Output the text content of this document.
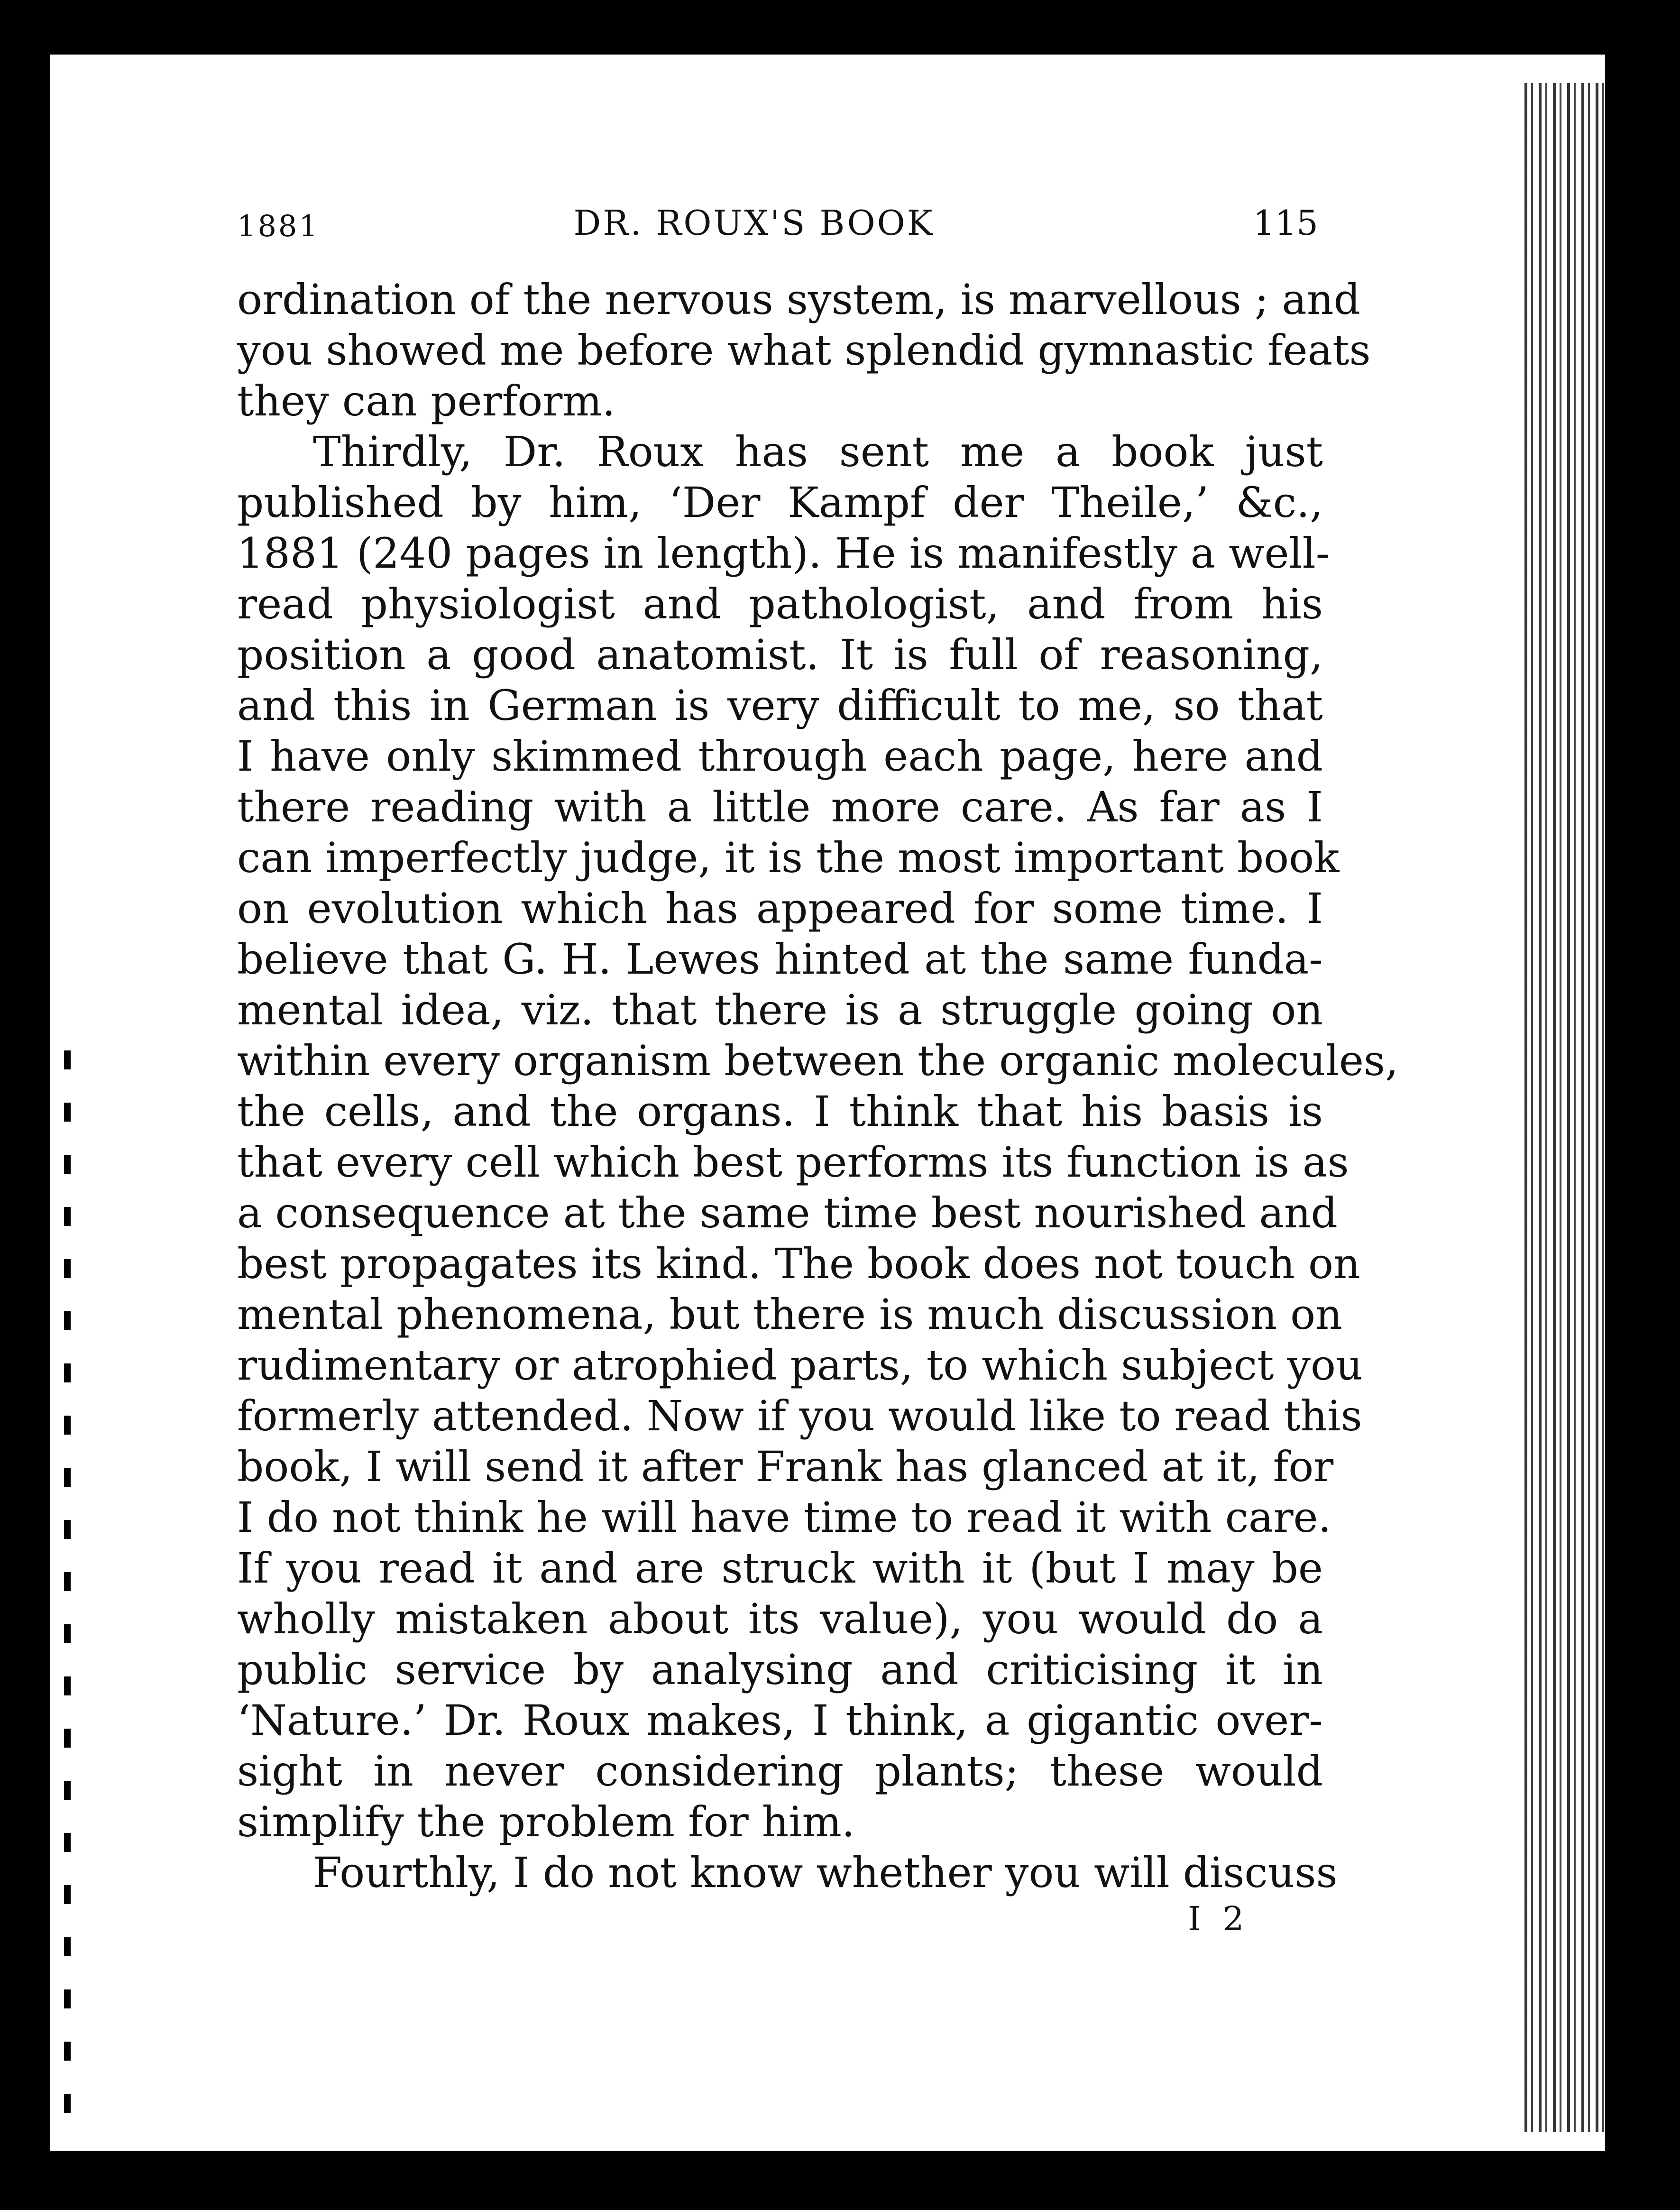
1881	DR. ROUX'S BOOK	115
ordination of the nervous system, is marvellous ; and
you showed me before what splendid gymnastic feats
they can perform.
Thirdly, Dr. Roux has sent me a book just
published by him, ‘Der Kampf der Theile,’ &c.,
1881 (240 pages in length). He is manifestly a well-
read physiologist and pathologist, and from his
position a good anatomist. It is full of reasoning,
and this in German is very difficult to me, so that
I have only skimmed through each page, here and
there reading with a little more care. As far as I
can imperfectly judge, it is the most important book
on evolution which has appeared for some time. I
believe that G. H. Lewes hinted at the same funda-
mental idea, viz. that there is a struggle going on
within every organism between the organic molecules,
the cells, and the organs. I think that his basis is
that every cell which best performs its function is as
a consequence at the same time best nourished and
best propagates its kind. The book does not touch on
mental phenomena, but there is much discussion on
rudimentary or atrophied parts, to which subject you
formerly attended. Now if you would like to read this
book, I will send it after Frank has glanced at it, for
I do not think he will have time to read it with care.
If you read it and are struck with it (but I may be
wholly mistaken about its value), you would do a
public service by analysing and criticising it in
‘Nature.’ Dr. Roux makes, I think, a gigantic over-
sight in never considering plants; these would
simplify the problem for him.
Fourthly, I do not know whether you will discuss
I 2
